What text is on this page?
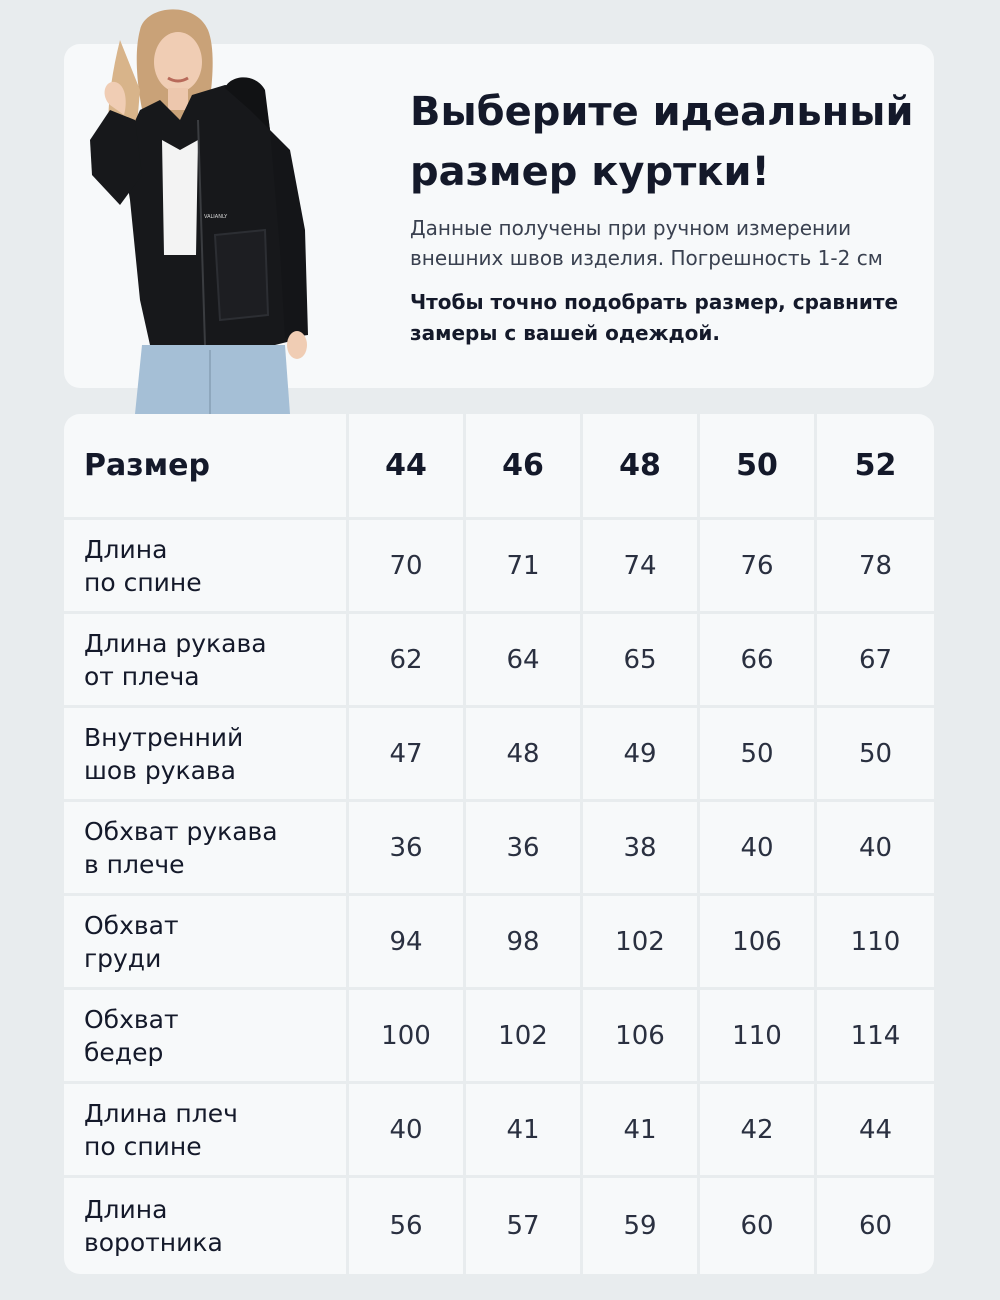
VALIANLY
Выберите идеальный размер куртки!

Данные получены при ручном измерении внешних швов изделия. Погрешность 1-2 см

Чтобы точно подобрать размер, сравните замеры с вашей одеждой.

Размер	44	46	48	50	52
Длина
по спине
70	71	74	76	78
Длина рукава
от плеча
62	64	65	66	67
Внутренний
шов рукава
47	48	49	50	50
Обхват рукава
в плече
36	36	38	40	40
Обхват
груди
94	98	102	106	110
Обхват
бедер
100	102	106	110	114
Длина плеч
по спине
40	41	41	42	44
Длина
воротника
56	57	59	60	60
